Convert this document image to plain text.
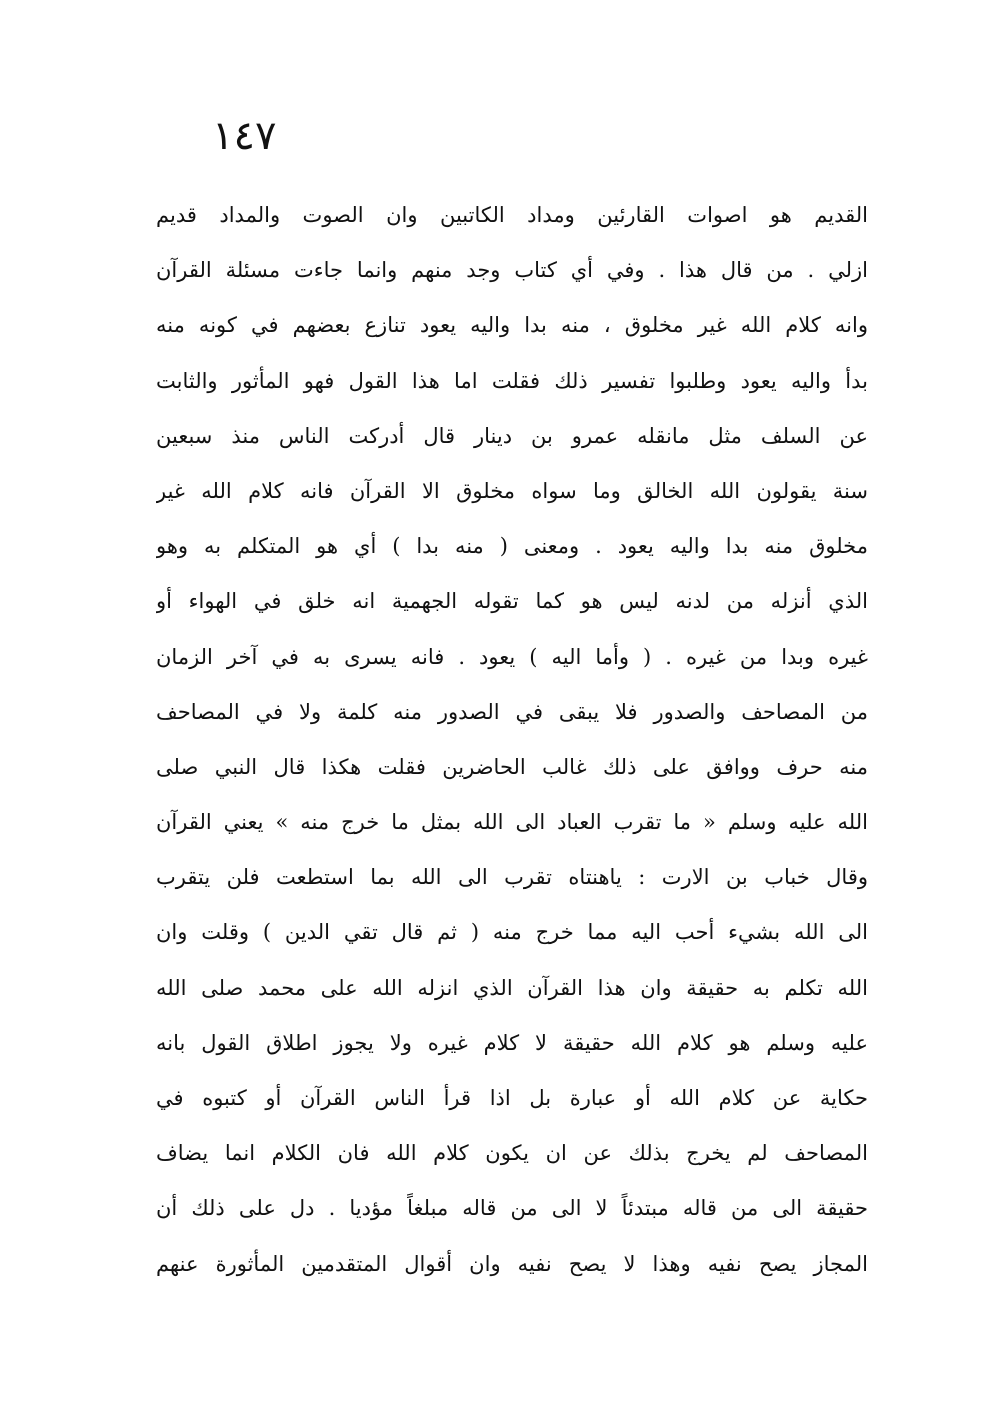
١٤٧
القديم هو اصوات القارئين ومداد الكاتبين وان الصوت والمداد قديم
ازلي . من قال هذا . وفي أي كتاب وجد منهم وانما جاءت مسئلة القرآن
وانه كلام الله غير مخلوق ، منه بدا واليه يعود تنازع بعضهم في كونه منه
بدأ واليه يعود وطلبوا تفسير ذلك فقلت اما هذا القول فهو المأثور والثابت
عن السلف مثل مانقله عمرو بن دينار قال أدركت الناس منذ سبعين
سنة يقولون الله الخالق وما سواه مخلوق الا القرآن فانه كلام الله غير
مخلوق منه بدا واليه يعود . ومعنى ( منه بدا ) أي هو المتكلم به وهو
الذي أنزله من لدنه ليس هو كما تقوله الجهمية انه خلق في الهواء أو
غيره وبدا من غيره . ( وأما اليه ) يعود . فانه يسرى به في آخر الزمان
من المصاحف والصدور فلا يبقى في الصدور منه كلمة ولا في المصاحف
منه حرف ووافق على ذلك غالب الحاضرين فقلت هكذا قال النبي صلى
الله عليه وسلم « ما تقرب العباد الى الله بمثل ما خرج منه » يعني القرآن
وقال خباب بن الارت : ياهنتاه تقرب الى الله بما استطعت فلن يتقرب
الى الله بشيء أحب اليه مما خرج منه ( ثم قال تقي الدين ) وقلت وان
الله تكلم به حقيقة وان هذا القرآن الذي انزله الله على محمد صلى الله
عليه وسلم هو كلام الله حقيقة لا كلام غيره ولا يجوز اطلاق القول بانه
حكاية عن كلام الله أو عبارة بل اذا قرأ الناس القرآن أو كتبوه في
المصاحف لم يخرج بذلك عن ان يكون كلام الله فان الكلام انما يضاف
حقيقة الى من قاله مبتدئاً لا الى من قاله مبلغاً مؤديا . دل على ذلك أن
المجاز يصح نفيه وهذا لا يصح نفيه وان أقوال المتقدمين المأثورة عنهم
